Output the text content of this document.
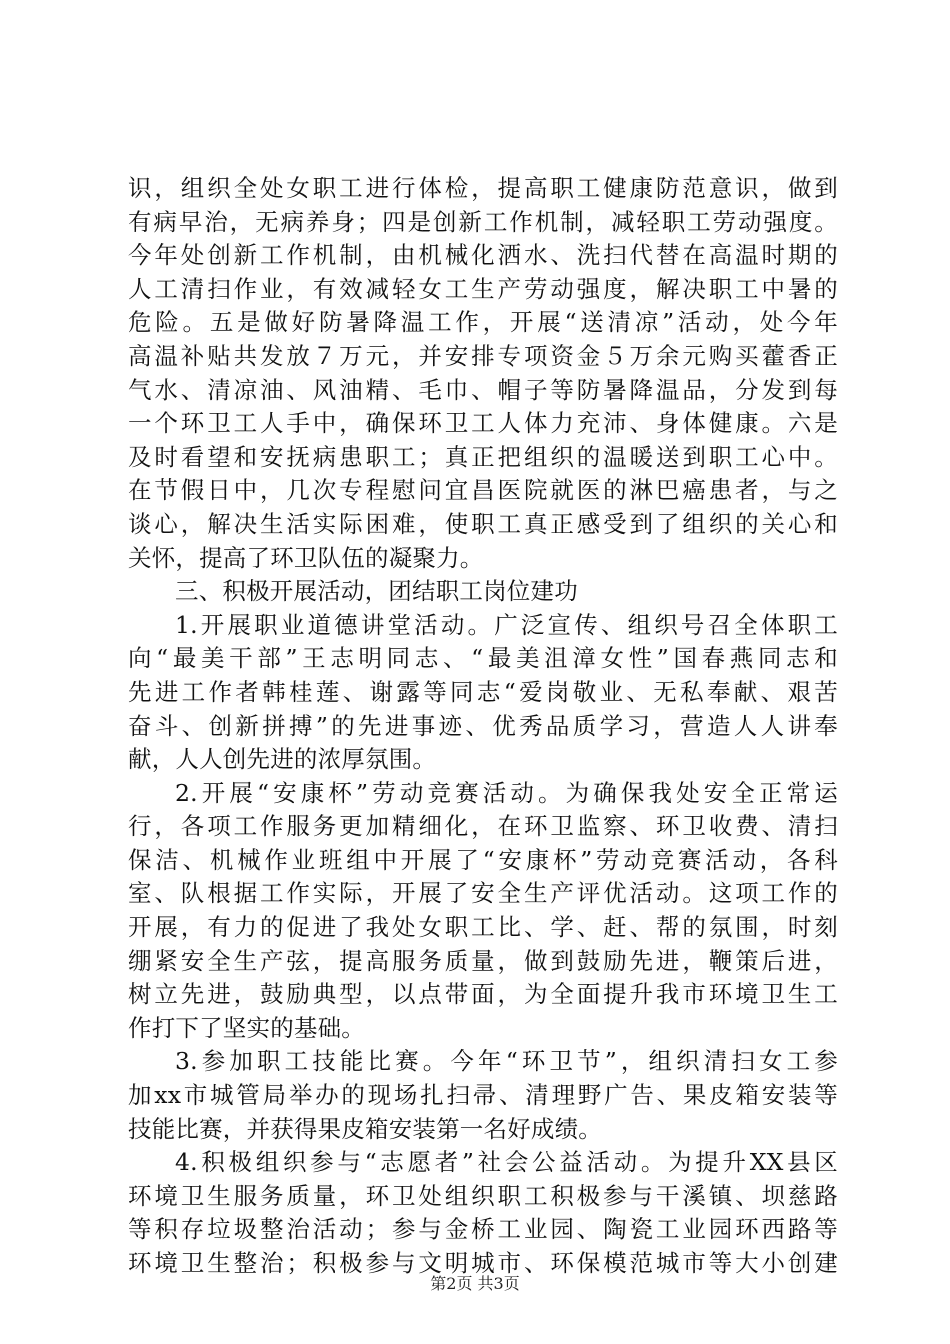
识，组织全处女职工进行体检，提高职工健康防范意识，做到
有病早治，无病养身；四是创新工作机制，减轻职工劳动强度。
今年处创新工作机制，由机械化洒水、洗扫代替在高温时期的
人工清扫作业，有效减轻女工生产劳动强度，解决职工中暑的
危险。五是做好防暑降温工作，开展“送清凉”活动，处今年
高温补贴共发放７万元，并安排专项资金５万余元购买藿香正
气水、清凉油、风油精、毛巾、帽子等防暑降温品，分发到每
一个环卫工人手中，确保环卫工人体力充沛、身体健康。六是
及时看望和安抚病患职工；真正把组织的温暖送到职工心中。
在节假日中，几次专程慰问宜昌医院就医的淋巴癌患者，与之
谈心，解决生活实际困难，使职工真正感受到了组织的关心和
关怀，提高了环卫队伍的凝聚力。
三、积极开展活动，团结职工岗位建功
1.开展职业道德讲堂活动。广泛宣传、组织号召全体职工
向“最美干部”王志明同志、“最美沮漳女性”国春燕同志和
先进工作者韩桂莲、谢露等同志“爱岗敬业、无私奉献、艰苦
奋斗、创新拼搏”的先进事迹、优秀品质学习，营造人人讲奉
献，人人创先进的浓厚氛围。
2.开展“安康杯”劳动竞赛活动。为确保我处安全正常运
行，各项工作服务更加精细化，在环卫监察、环卫收费、清扫
保洁、机械作业班组中开展了“安康杯”劳动竞赛活动，各科
室、队根据工作实际，开展了安全生产评优活动。这项工作的
开展，有力的促进了我处女职工比、学、赶、帮的氛围，时刻
绷紧安全生产弦，提高服务质量，做到鼓励先进，鞭策后进，
树立先进，鼓励典型，以点带面，为全面提升我市环境卫生工
作打下了坚实的基础。
3.参加职工技能比赛。今年“环卫节”，组织清扫女工参
加xx市城管局举办的现场扎扫帚、清理野广告、果皮箱安装等
技能比赛，并获得果皮箱安装第一名好成绩。
4.积极组织参与“志愿者”社会公益活动。为提升XX县区
环境卫生服务质量，环卫处组织职工积极参与干溪镇、坝慈路
等积存垃圾整治活动；参与金桥工业园、陶瓷工业园环西路等
环境卫生整治；积极参与文明城市、环保模范城市等大小创建
第2页 共3页
